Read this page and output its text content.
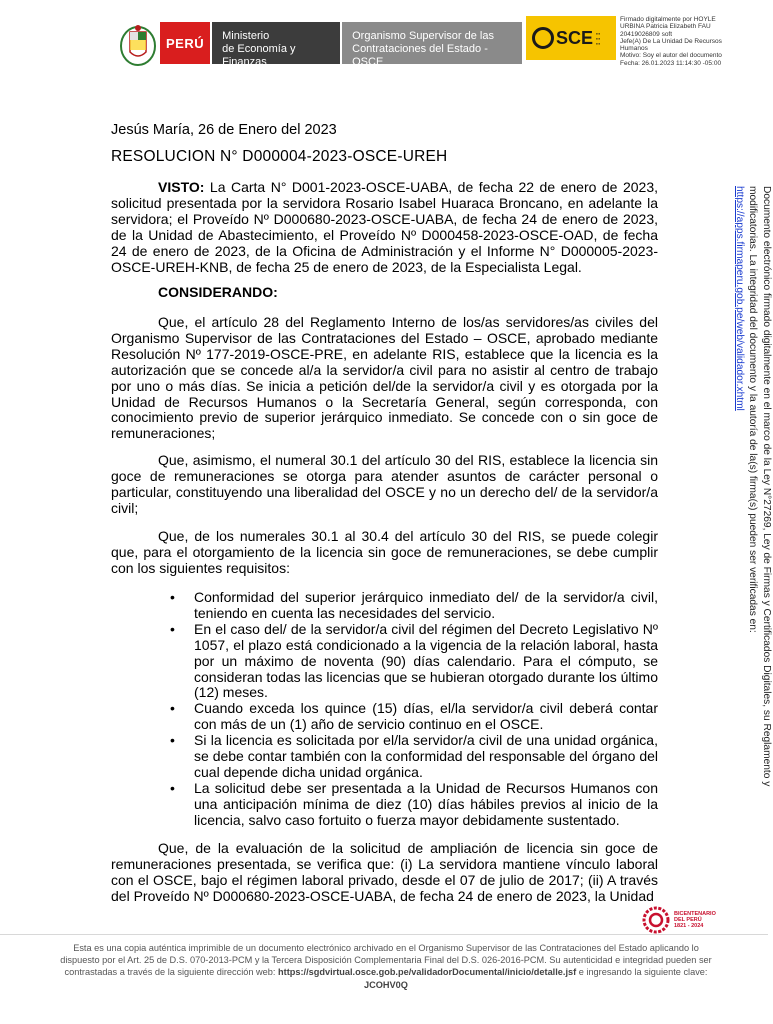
PERÚ	Ministerio
de Economía y Finanzas
Organismo Supervisor de las
Contrataciones del Estado - OSCE
SCE ▪▪▪
▪▪▪
▪▪▪
Firmado digitalmente por HOYLE
URBINA Patricia Elizabeth FAU
20419026809 soft
Jefe(A) De La Unidad De Recursos
Humanos
Motivo: Soy el autor del documento
Fecha: 26.01.2023 11:14:30 -05:00
Jesús María, 26 de Enero del 2023
RESOLUCION N° D000004-2023-OSCE-UREH

VISTO: La Carta N° D001-2023-OSCE-UABA, de fecha 22 de enero de 2023, solicitud presentada por la servidora Rosario Isabel Huaraca Broncano, en adelante la servidora; el Proveído Nº D000680-2023-OSCE-UABA, de fecha 24 de enero de 2023, de la Unidad de Abastecimiento, el Proveído Nº D000458-2023-OSCE-OAD, de fecha 24 de enero de 2023, de la Oficina de Administración y el Informe N° D000005-2023-OSCE-UREH-KNB, de fecha 25 de enero de 2023, de la Especialista Legal.

CONSIDERANDO:

Que, el artículo 28 del Reglamento Interno de los/as servidores/as civiles del Organismo Supervisor de las Contrataciones del Estado – OSCE, aprobado mediante Resolución Nº 177-2019-OSCE-PRE, en adelante RIS, establece que la licencia es la autorización que se concede al/a la servidor/a civil para no asistir al centro de trabajo por uno o más días. Se inicia a petición del/de la servidor/a civil y es otorgada por la Unidad de Recursos Humanos o la Secretaría General, según corresponda, con conocimiento previo de superior jerárquico inmediato. Se concede con o sin goce de remuneraciones;

Que, asimismo, el numeral 30.1 del artículo 30 del RIS, establece la licencia sin goce de remuneraciones se otorga para atender asuntos de carácter personal o particular, constituyendo una liberalidad del OSCE y no un derecho del/ de la servidor/a civil;

Que, de los numerales 30.1 al 30.4 del artículo 30 del RIS, se puede colegir que, para el otorgamiento de la licencia sin goce de remuneraciones, se debe cumplir con los siguientes requisitos:

• Conformidad del superior jerárquico inmediato del/ de la servidor/a civil, teniendo en cuenta las necesidades del servicio.
• En el caso del/ de la servidor/a civil del régimen del Decreto Legislativo Nº 1057, el plazo está condicionado a la vigencia de la relación laboral, hasta por un máximo de noventa (90) días calendario. Para el cómputo, se consideran todas las licencias que se hubieran otorgado durante los último (12) meses.
• Cuando exceda los quince (15) días, el/la servidor/a civil deberá contar con más de un (1) año de servicio continuo en el OSCE.
• Si la licencia es solicitada por el/la servidor/a civil de una unidad orgánica, se debe contar también con la conformidad del responsable del órgano del cual depende dicha unidad orgánica.
• La solicitud debe ser presentada a la Unidad de Recursos Humanos con una anticipación mínima de diez (10) días hábiles previos al inicio de la licencia, salvo caso fortuito o fuerza mayor debidamente sustentado.

Que, de la evaluación de la solicitud de ampliación de licencia sin goce de remuneraciones presentada, se verifica que: (i) La servidora mantiene vínculo laboral con el OSCE, bajo el régimen laboral privado, desde el 07 de julio de 2017; (ii) A través del Proveído Nº D000680-2023-OSCE-UABA, de fecha 24 de enero de 2023, la Unidad

Documento electrónico firmado digitalmente en el marco de la Ley N°27269, Ley de Firmas y Certificados Digitales, su Reglamento y modificatorias. La integridad del documento y la autoría de la(s) firma(s) pueden ser verificadas en: https://apps.firmaperu.gob.pe/web/validador.xhtml
BICENTENARIO
DEL PERÚ
1821 - 2024
Esta es una copia auténtica imprimible de un documento electrónico archivado en el Organismo Supervisor de las Contrataciones del Estado aplicando lo dispuesto por el Art. 25 de D.S. 070-2013-PCM y la Tercera Disposición Complementaria Final del D.S. 026-2016-PCM. Su autenticidad e integridad pueden ser contrastadas a través de la siguiente dirección web: https://sgdvirtual.osce.gob.pe/validadorDocumental/inicio/detalle.jsf e ingresando la siguiente clave: JCOHV0Q
